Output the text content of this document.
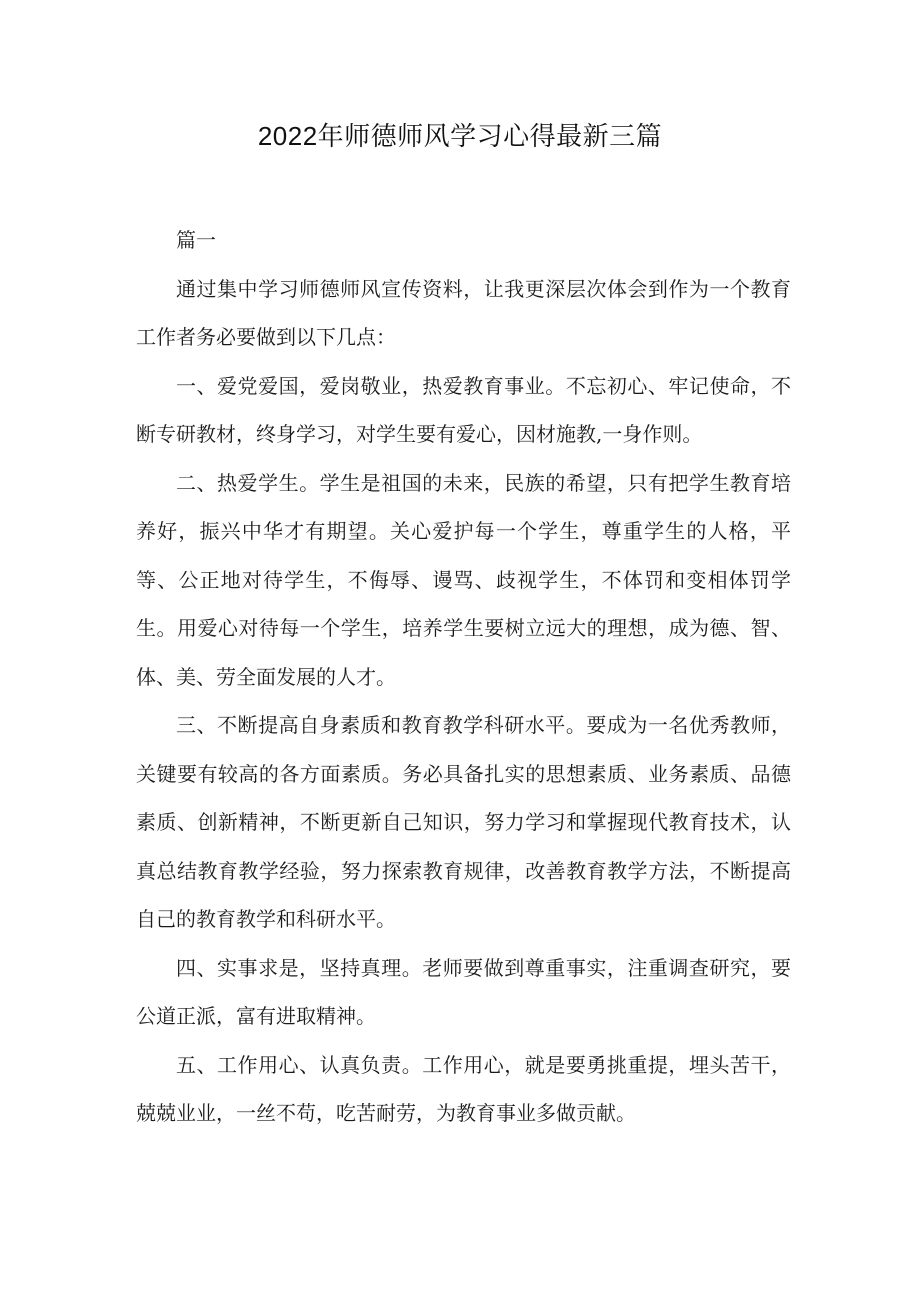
2022年师德师风学习心得最新三篇

篇一

通过集中学习师德师风宣传资料，让我更深层次体会到作为一个教育工作者务必要做到以下几点：

一、爱党爱国，爱岗敬业，热爱教育事业。不忘初心、牢记使命，不断专研教材，终身学习，对学生要有爱心，因材施教,一身作则。

二、热爱学生。学生是祖国的未来，民族的希望，只有把学生教育培养好，振兴中华才有期望。关心爱护每一个学生，尊重学生的人格，平等、公正地对待学生，不侮辱、谩骂、歧视学生，不体罚和变相体罚学生。用爱心对待每一个学生，培养学生要树立远大的理想，成为德、智、体、美、劳全面发展的人才。

三、不断提高自身素质和教育教学科研水平。要成为一名优秀教师，关键要有较高的各方面素质。务必具备扎实的思想素质、业务素质、品德素质、创新精神，不断更新自己知识，努力学习和掌握现代教育技术，认真总结教育教学经验，努力探索教育规律，改善教育教学方法，不断提高自己的教育教学和科研水平。

四、实事求是，坚持真理。老师要做到尊重事实，注重调查研究，要公道正派，富有进取精神。

五、工作用心、认真负责。工作用心，就是要勇挑重提，埋头苦干，兢兢业业，一丝不苟，吃苦耐劳，为教育事业多做贡献。
